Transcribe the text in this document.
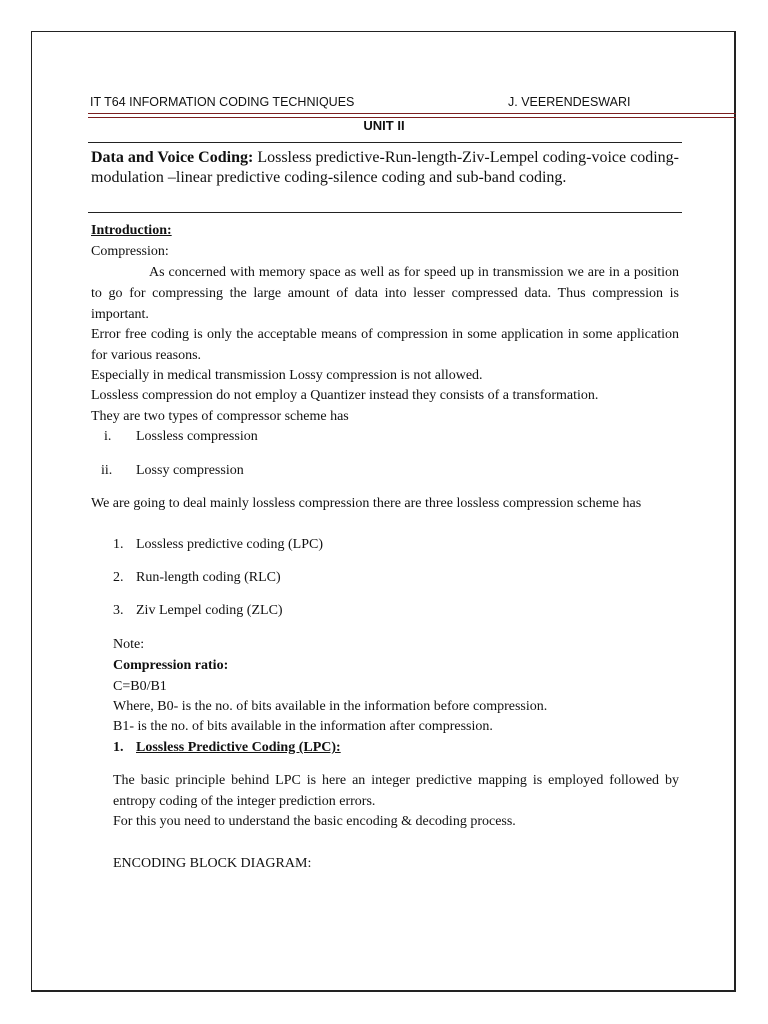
IT T64 INFORMATION CODING TECHNIQUES	J. VEERENDESWARI
UNIT II
Data and Voice Coding: Lossless predictive-Run-length-Ziv-Lempel coding-voice coding-modulation –linear predictive coding-silence coding and sub-band coding.
Introduction:
Compression:
As concerned with memory space as well as for speed up in transmission we are in a position to go for compressing the large amount of data into lesser compressed data. Thus compression is important.
Error free coding is only the acceptable means of compression in some application in some application for various reasons.
Especially in medical transmission Lossy compression is not allowed.
Lossless compression do not employ a Quantizer instead they consists of a transformation.
They are two types of compressor scheme has
i. Lossless compression
ii. Lossy compression
We are going to deal mainly lossless compression there are three lossless compression scheme has
1. Lossless predictive coding (LPC)
2. Run-length coding (RLC)
3. Ziv Lempel coding (ZLC)
Note:
Compression ratio:
C=B0/B1
Where, B0- is the no. of bits available in the information before compression.
B1- is the no. of bits available in the information after compression.
1. Lossless Predictive Coding (LPC):
The basic principle behind LPC is here an integer predictive mapping is employed followed by entropy coding of the integer prediction errors.
For this you need to understand the basic encoding & decoding process.
ENCODING BLOCK DIAGRAM:
